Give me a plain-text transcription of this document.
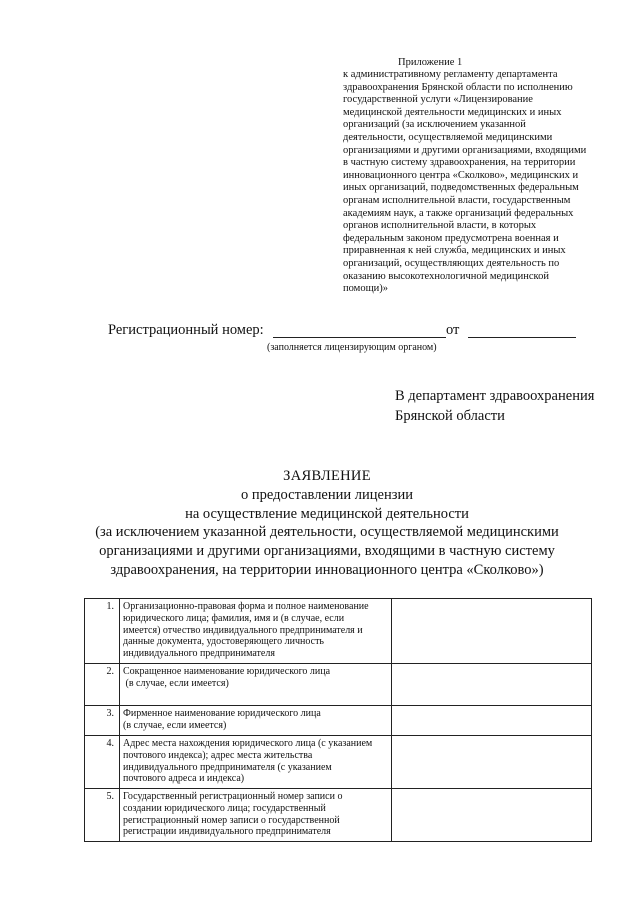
Приложение 1
к административному регламенту департамента
здравоохранения Брянской области по исполнению
государственной услуги «Лицензирование
медицинской деятельности медицинских и иных
организаций (за исключением указанной
деятельности, осуществляемой медицинскими
организациями и другими организациями, входящими
в частную систему здравоохранения, на территории
инновационного центра «Сколково», медицинских и
иных организаций, подведомственных федеральным
органам исполнительной власти, государственным
академиям наук, а также организаций федеральных
органов исполнительной власти, в которых
федеральным законом предусмотрена военная и
приравненная к ней служба, медицинских и иных
организаций, осуществляющих деятельность по
оказанию высокотехнологичной медицинской
помощи)»
Регистрационный номер:	от
(заполняется лицензирующим органом)
В департамент здравоохранения
Брянской области
ЗАЯВЛЕНИЕ
о предоставлении лицензии
на осуществление медицинской деятельности
(за исключением указанной деятельности, осуществляемой медицинскими
организациями и другими организациями, входящими в частную систему
здравоохранения, на территории инновационного центра «Сколково»)
1.	Организационно-правовая форма и полное наименование
юридического лица; фамилия, имя и (в случае, если
имеется) отчество индивидуального предпринимателя и
данные документа, удостоверяющего личность
индивидуального предпринимателя	

2.	Сокращенное наименование юридического лица
(в случае, если имеется)	

3.	Фирменное наименование юридического лица
(в случае, если имеется)	

4.	Адрес места нахождения юридического лица (с указанием
почтового индекса); адрес места жительства
индивидуального предпринимателя (с указанием
почтового адреса и индекса)	

5.	Государственный регистрационный номер записи о
создании юридического лица; государственный
регистрационный номер записи о государственной
регистрации индивидуального предпринимателя	
